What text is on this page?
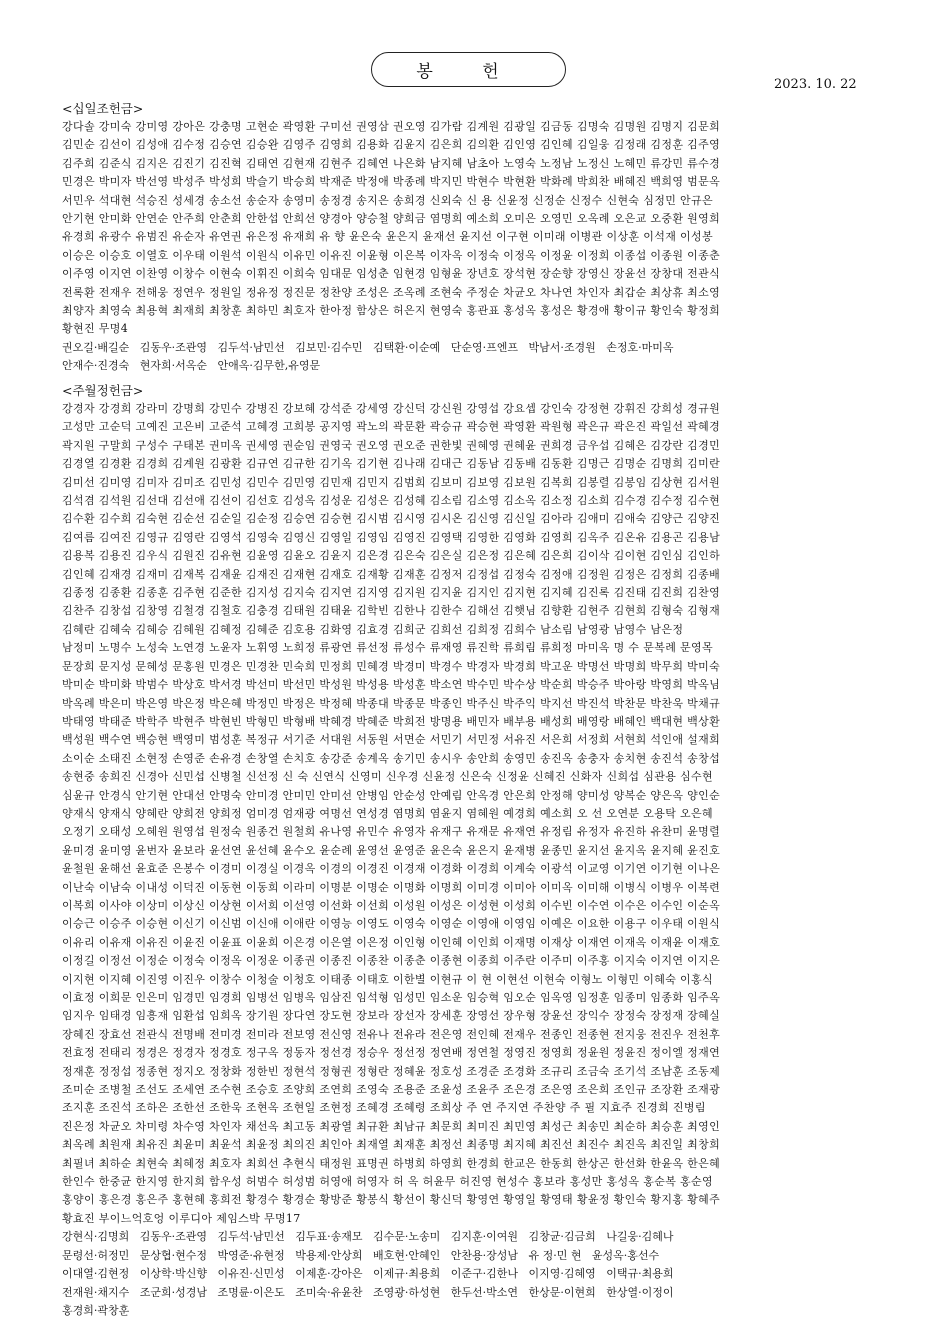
봉 헌
2023. 10. 22
<십일조헌금>
강다솔 강미숙 강미영 강아은 강충명 고현순 곽영환 구미선 권영삼 권오영 김가람 김계원 김광일 김금동 김명숙 김명원 김명지 김문희
김민순 김선이 김성애 김수정 김승연 김승완 김영주 김영희 김용화 김윤지 김은희 김의환 김인영 김인혜 김일웅 김정래 김정훈 김주영
김주희 김준식 김지은 김진기 김진혁 김태연 김현재 김현주 김혜연 나은화 남지혜 남초아 노영숙 노정남 노정신 노혜민 류강민 류수경
민경은 박미자 박선영 박성주 박성희 박슬기 박승희 박재준 박정애 박종례 박지민 박현수 박현환 박화례 박희찬 배혜진 백희영 범문옥
서민우 석대현 석승진 성세경 송소선 송순자 송영미 송정경 송지은 송희경 신외숙 신 용 신윤정 신정순 신정수 신현숙 심정민 안규은
안기현 안미화 안연순 안주희 안춘희 안한섭 안희선 양경아 양승철 양희금 염명희 예소희 오미은 오영민 오옥례 오은교 오중환 원영희
유경희 유광수 유범진 유순자 유연권 유은정 유재희 유 향 윤은숙 윤은지 윤재선 윤지선 이구현 이미래 이병관 이상훈 이석재 이성봉
이승은 이승호 이열호 이우태 이원석 이원식 이유민 이유진 이윤형 이은복 이자옥 이정숙 이정옥 이정윤 이정희 이종섭 이종원 이종춘
이주영 이지연 이찬영 이창수 이현숙 이휘진 이희숙 임대문 임성춘 임현경 임형윤 장년호 장석현 장순향 장영신 장윤선 장창대 전관식
전록환 전재우 전해웅 정연우 정원일 정유정 정진문 정찬양 조성은 조옥례 조현숙 주정순 차균오 차나연 차인자 최갑순 최상휴 최소영
최양자 최영숙 최용혁 최재희 최창훈 최하민 최호자 한아정 함상은 허은지 현영숙 홍관표 홍성옥 홍성은 황경애 황이규 황인숙 황정희
황현진 무명4
권오길·배길순   김동우·조관영   김두석·남민선   김보민·김수민   김택환·이순예   단순영·프엔프   박남서·조경원   손정호·마미옥
안재수·진경숙   현자희·서옥순   안애옥·김무한,유영문
<주월정헌금>
강경자 강경희 강라미 강명희 강민수 강병진 강보혜 강석준 강세영 강신덕 강신원 강영섭 강요셉 강인숙 강정현 강휘진 강희성 경규원
고성만 고순덕 고예진 고은비 고준석 고혜경 고희봉 공지영 곽노의 곽문환 곽승규 곽승현 곽영환 곽원형 곽은규 곽은진 곽일선 곽혜경
곽지원 구말희 구성수 구태본 권미옥 권세영 권순임 권영국 권오영 권오준 권한빛 권혜영 권혜윤 권희경 금우섭 김혜은 김강란 김경민
김경열 김경환 김경희 김계원 김광환 김규연 김규한 김기옥 김기현 김나래 김대근 김동남 김동배 김동환 김명근 김명순 김명희 김미란
김미선 김미영 김미자 김미조 김민성 김민수 김민영 김민재 김민지 김범희 김보미 김보영 김보원 김복희 김봉렬 김봉임 김상현 김서원
김석겸 김석원 김선대 김선애 김선이 김선호 김성옥 김성운 김성은 김성혜 김소림 김소영 김소옥 김소정 김소희 김수경 김수정 김수현
김수환 김수희 김숙현 김순선 김순일 김순정 김승연 김승현 김시범 김시영 김시온 김신영 김신일 김아라 김애미 김애숙 김양근 김양진
김여름 김여진 김영규 김영란 김영석 김영숙 김영신 김영일 김영임 김영진 김영택 김영한 김영화 김영희 김옥주 김온유 김용곤 김용남
김용복 김용진 김우식 김원진 김유현 김윤영 김윤오 김윤지 김은경 김은숙 김은실 김은정 김은혜 김은희 김이삭 김이현 김인심 김인하
김인혜 김재경 김재미 김재복 김재윤 김재진 김재현 김재호 김재황 김재훈 김정저 김정섭 김정숙 김정애 김정원 김정은 김정희 김종배
김종정 김종환 김종훈 김주현 김준한 김지성 김지숙 김지연 김지영 김지원 김지윤 김지인 김지현 김지혜 김진록 김진태 김진희 김찬영
김찬주 김창섭 김창영 김철경 김철호 김충경 김태원 김태윤 김학빈 김한나 김한수 김해선 김햇님 김향환 김현주 김현희 김형숙 김형재
김혜란 김혜숙 김혜승 김혜원 김혜정 김혜준 김호용 김화영 김효경 김희군 김희선 김희정 김희수 남소림 남영광 남영수 남은정
남정미 노명수 노성숙 노연경 노윤자 노휘영 노희정 류광연 류선정 류성수 류재영 류진학 류희림 류희정 마미옥 명 수 문복례 문영목
문장희 문지성 문혜성 문홍원 민경은 민경찬 민숙희 민정희 민혜경 박경미 박경수 박경자 박경희 박고운 박명선 박명희 박무희 박미숙
박미순 박미화 박범수 박상호 박서경 박선미 박선민 박성원 박성용 박성훈 박소연 박수민 박수상 박순희 박승주 박아랑 박영희 박옥님
박옥례 박은미 박은영 박은정 박은혜 박정민 박정은 박정혜 박종대 박종문 박종인 박주신 박주익 박지선 박진석 박찬문 박찬욱 박채규
박태영 박태준 박학주 박현주 박현빈 박형민 박형배 박혜경 박혜준 박희전 방명용 배민자 배부용 배성희 배영랑 배혜인 백대현 백상환
백성원 백수연 백승현 백영미 범성훈 복정규 서기준 서대원 서동원 서면순 서민기 서민정 서유진 서은희 서정희 서현희 석인애 설재희
소이순 소태진 소현정 손영준 손유경 손창열 손치호 송강준 송계옥 송기민 송시우 송안희 송영민 송진옥 송충자 송치현 송진석 송창섭
송현중 송희진 신경아 신민섭 신병철 신선정 신 숙 신연식 신영미 신우경 신윤정 신은숙 신정윤 신혜진 신화자 신희섭 심관용 심수현
심윤규 안경식 안기현 안대선 안명숙 안미경 안미민 안미선 안병임 안순성 안예림 안옥경 안은희 안정해 양미성 양복순 양은옥 양인순
양재식 양재식 양혜란 양희전 양희정 엄미경 엄재광 여명선 연성경 염명희 염윤지 염혜원 예경희 예소희 오 선 오연분 오용탁 오은혜
오정기 오태성 오혜원 원영섭 원정숙 원종건 원철희 유나영 유민수 유영자 유재구 유재문 유재연 유정림 유정자 유진하 유찬미 윤명렬
윤미경 윤미영 윤번자 윤보라 윤선연 윤선혜 윤수오 윤순례 윤영선 윤영준 윤은숙 윤은지 윤재병 윤종민 윤지선 윤지옥 윤지혜 윤진호
윤철원 윤해선 윤효준 은봉수 이경미 이경실 이경옥 이경의 이경진 이경재 이경화 이경희 이계숙 이광석 이교영 이기연 이기현 이나은
이난숙 이남숙 이내성 이덕진 이동현 이동희 이라미 이명분 이명순 이명화 이명희 이미경 이미아 이미옥 이미해 이병식 이병우 이복련
이복희 이사야 이상미 이상신 이상현 이서희 이선영 이선화 이선희 이성원 이성은 이성현 이성희 이수빈 이수연 이수은 이수인 이순옥
이승근 이승주 이승현 이신기 이신범 이신애 이애란 이영능 이영도 이영숙 이영순 이영애 이영임 이예은 이요한 이용구 이우태 이원식
이유리 이유재 이유진 이윤진 이윤표 이윤희 이은경 이은열 이은정 이인형 이인혜 이인희 이재명 이재상 이재연 이재옥 이재윤 이재호
이정길 이정선 이정순 이정숙 이정옥 이정운 이종권 이종진 이종찬 이종춘 이종현 이종희 이주란 이주미 이주홍 이지숙 이지연 이지은
이지현 이지혜 이진영 이진우 이창수 이청술 이청호 이태종 이태호 이한별 이현규 이 현 이현선 이현숙 이형노 이형민 이혜숙 이홍식
이효정 이희문 인은미 임경민 임경희 임병선 임병옥 임삼진 임석형 임성민 임소운 임승혁 임오순 임옥영 임정훈 임종미 임종화 임주옥
임지우 임태경 임흥재 임환섭 임희옥 장기원 장다연 장도현 장보라 장선자 장세훈 장영선 장우형 장윤선 장익수 장정숙 장정재 장혜실
장혜진 장효선 전관식 전명배 전미경 전미라 전보영 전신영 전유나 전유라 전은영 전인혜 전재우 전종인 전종현 전지웅 전진우 전천후
전효정 전태리 정경은 정경자 정경호 정구옥 정동자 정선경 정승우 정선정 정연배 정연철 정영진 정영희 정윤원 정윤진 정이엘 정재연
정재훈 정정섭 정종현 정지오 정창화 정한빈 정현석 정형권 정형란 정혜윤 정호성 조경준 조경화 조규리 조금숙 조기석 조남훈 조동제
조미순 조병철 조선도 조세연 조수현 조승호 조양희 조연희 조영숙 조용준 조윤성 조윤주 조은경 조은영 조은희 조인규 조장환 조재광
조지훈 조진석 조하은 조한선 조한욱 조현옥 조현일 조현정 조혜경 조혜령 조희상 주 연 주지연 주찬양 주 필 지효주 진경희 진병림
진은정 차균오 차미령 차수영 차인자 채선옥 최고동 최광열 최규환 최남규 최문희 최미진 최민영 최성근 최송민 최순하 최승훈 최영인
최옥례 최원재 최유진 최윤미 최윤석 최윤정 최의진 최인아 최재열 최재훈 최정선 최종명 최지혜 최진선 최진수 최진옥 최진일 최창희
최필녀 최하순 최현숙 최혜정 최호자 최희선 추현식 태정원 표명권 하병희 하영희 한경희 한교은 한동희 한상곤 한선화 한윤옥 한은혜
한인수 한중균 한지영 한지희 함우성 허범수 허성범 허영애 허영자 허 옥 허윤무 허진영 현성수 홍보라 홍성만 홍성옥 홍순복 홍순영
홍양이 홍은경 홍은주 홍현혜 홍희전 황경수 황경순 황방준 황봉식 황선이 황신덕 황영연 황영일 황영태 황윤정 황인숙 황지홍 황혜주
황효진 부이느억호엉 이루디아 제임스박 무명17
강현식·김명희   김동우·조관영   김두석·남민선   김두표·송재모   김수문·노송미   김지훈·이여원   김창균·김금희   나길웅·김혜나
문령선·허정민   문상협·현수정   박영준·유현정   박용제·안상희   배호현·안혜인   안찬용·장성남   유 정·민 현   윤성옥·홍선수
이대열·김현정   이상학·박신향   이유진·신민성   이제훈·강아은   이제규·최용희   이준구·김한나   이지영·김혜영   이택규·최용희
전재원·채지수   조군희·성경남   조명륜·이은도   조미숙·유윤찬   조영광·하성현   한두선·박소연   한상문·이현희   한상열·이정이
홍경희·곽창훈
